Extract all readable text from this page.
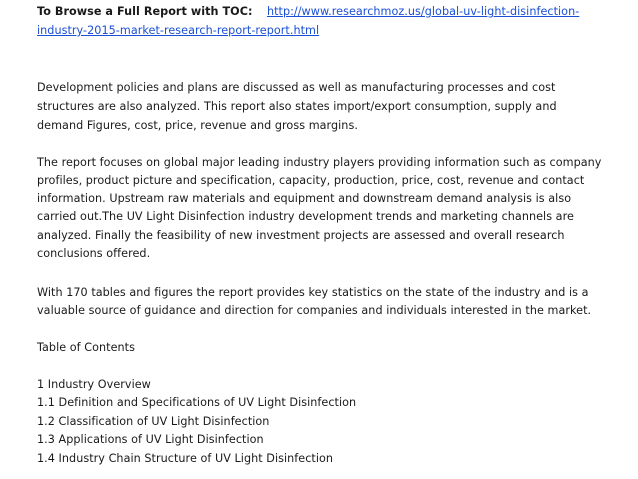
To Browse a Full Report with TOC: http://www.researchmoz.us/global-uv-light-disinfection-
industry-2015-market-research-report-report.html
Development policies and plans are discussed as well as manufacturing processes and cost
structures are also analyzed. This report also states import/export consumption, supply and
demand Figures, cost, price, revenue and gross margins.
The report focuses on global major leading industry players providing information such as company
profiles, product picture and specification, capacity, production, price, cost, revenue and contact
information. Upstream raw materials and equipment and downstream demand analysis is also
carried out.The UV Light Disinfection industry development trends and marketing channels are
analyzed. Finally the feasibility of new investment projects are assessed and overall research
conclusions offered.
With 170 tables and figures the report provides key statistics on the state of the industry and is a
valuable source of guidance and direction for companies and individuals interested in the market.
Table of Contents
1 Industry Overview
1.1 Definition and Specifications of UV Light Disinfection
1.2 Classification of UV Light Disinfection
1.3 Applications of UV Light Disinfection
1.4 Industry Chain Structure of UV Light Disinfection
